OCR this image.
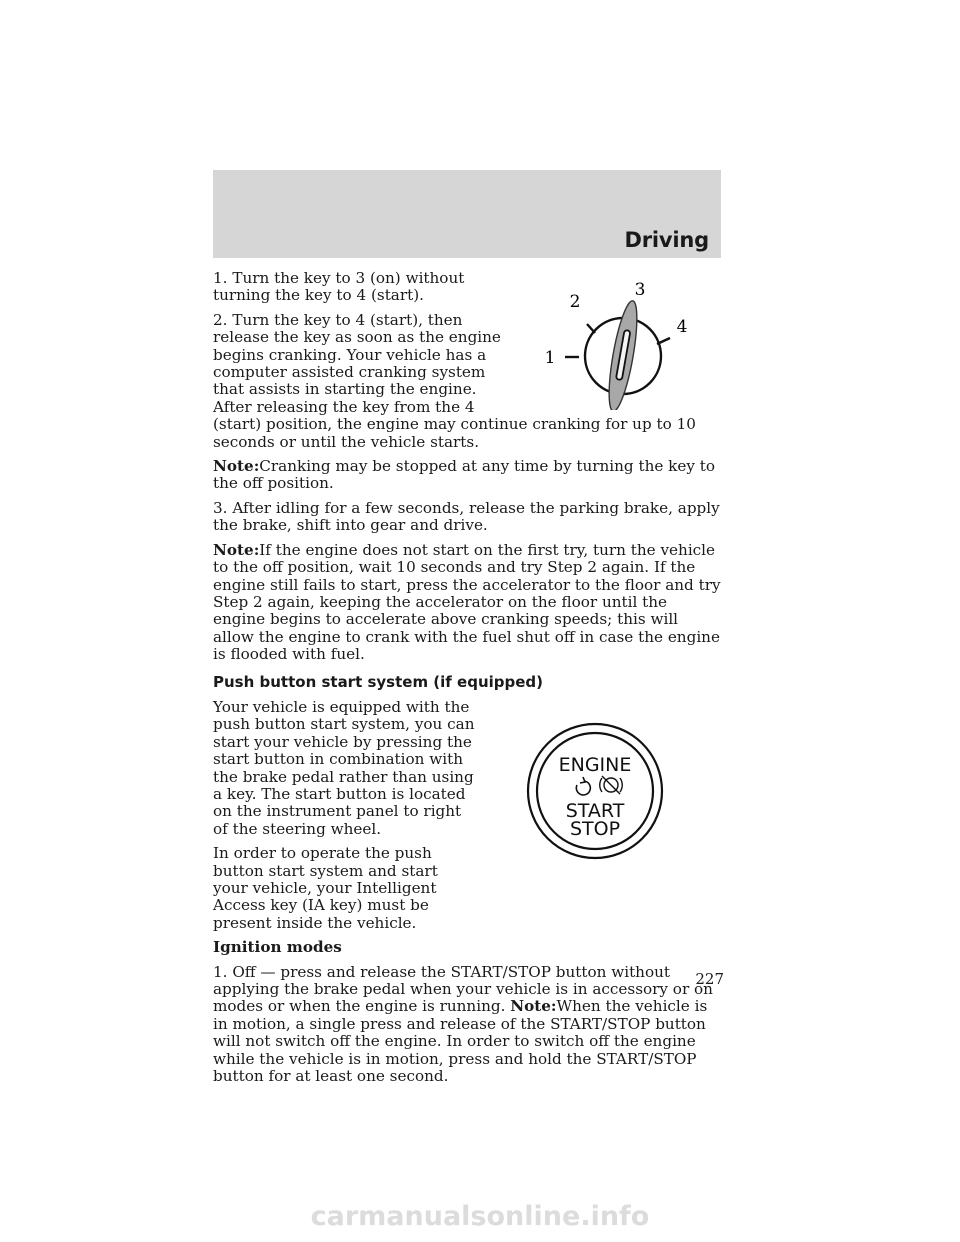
Driving
1
2
3
4

1. Turn the key to 3 (on) without turning the key to 4 (start).

2. Turn the key to 4 (start), then release the key as soon as the engine begins cranking. Your vehicle has a computer assisted cranking system that assists in starting the engine. After releasing the key from the 4 (start) position, the engine may continue cranking for up to 10 seconds or until the vehicle starts.

Note:Cranking may be stopped at any time by turning the key to the off position.

3. After idling for a few seconds, release the parking brake, apply the brake, shift into gear and drive.

Note:If the engine does not start on the first try, turn the vehicle to the off position, wait 10 seconds and try Step 2 again. If the engine still fails to start, press the accelerator to the floor and try Step 2 again, keeping the accelerator on the floor until the engine begins to accelerate above cranking speeds; this will allow the engine to crank with the fuel shut off in case the engine is flooded with fuel.

Push button start system (if equipped)
ENGINE
START
STOP

Your vehicle is equipped with the push button start system, you can start your vehicle by pressing the start button in combination with the brake pedal rather than using a key. The start button is located on the instrument panel to right of the steering wheel.

In order to operate the push button start system and start your vehicle, your Intelligent Access key (IA key) must be present inside the vehicle.

Ignition modes

1. Off — press and release the START/STOP button without applying the brake pedal when your vehicle is in accessory or on modes or when the engine is running. Note:When the vehicle is in motion, a single press and release of the START/STOP button will not switch off the engine. In order to switch off the engine while the vehicle is in motion, press and hold the START/STOP button for at least one second.

227
carmanualsonline.info
